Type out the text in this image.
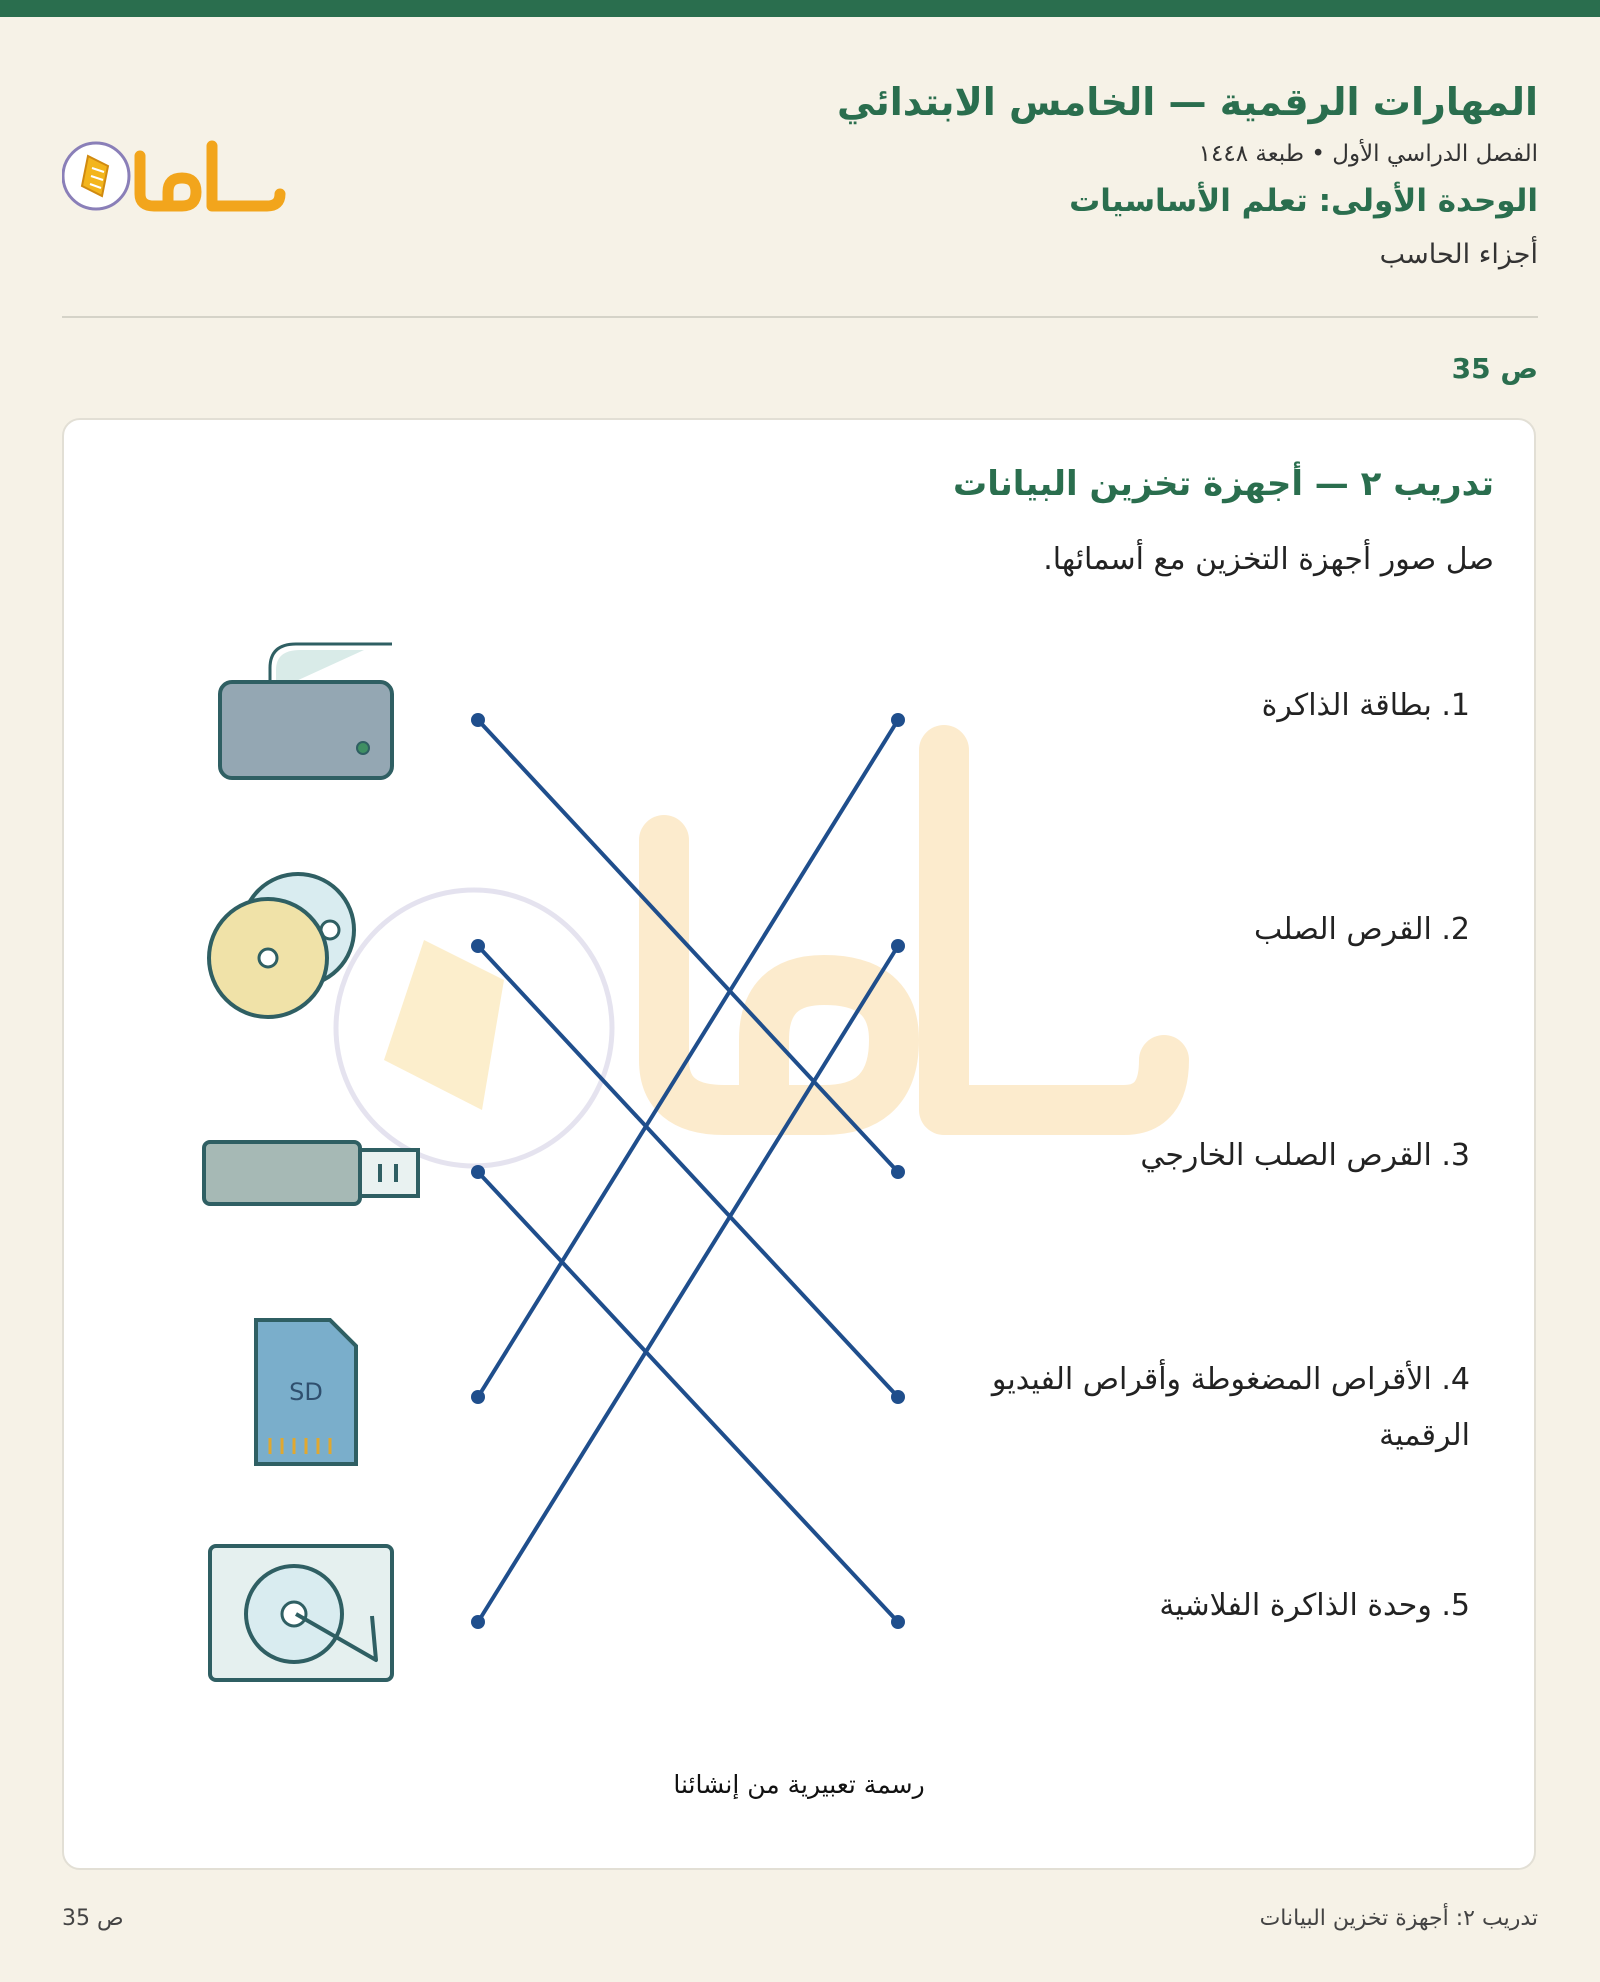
المهارات الرقمية — الخامس الابتدائي

الفصل الدراسي الأول • طبعة ١٤٤٨

الوحدة الأولى: تعلم الأساسيات

أجزاء الحاسب

ص 35
تدريب ٢ — أجهزة تخزين البيانات
صل صور أجهزة التخزين مع أسمائها.
SD
1. بطاقة الذاكرة
2. القرص الصلب
3. القرص الصلب الخارجي
4. الأقراص المضغوطة وأقراص الفيديو الرقمية
5. وحدة الذاكرة الفلاشية
رسمة تعبيرية من إنشائنا
ص 35	تدريب ٢: أجهزة تخزين البيانات
